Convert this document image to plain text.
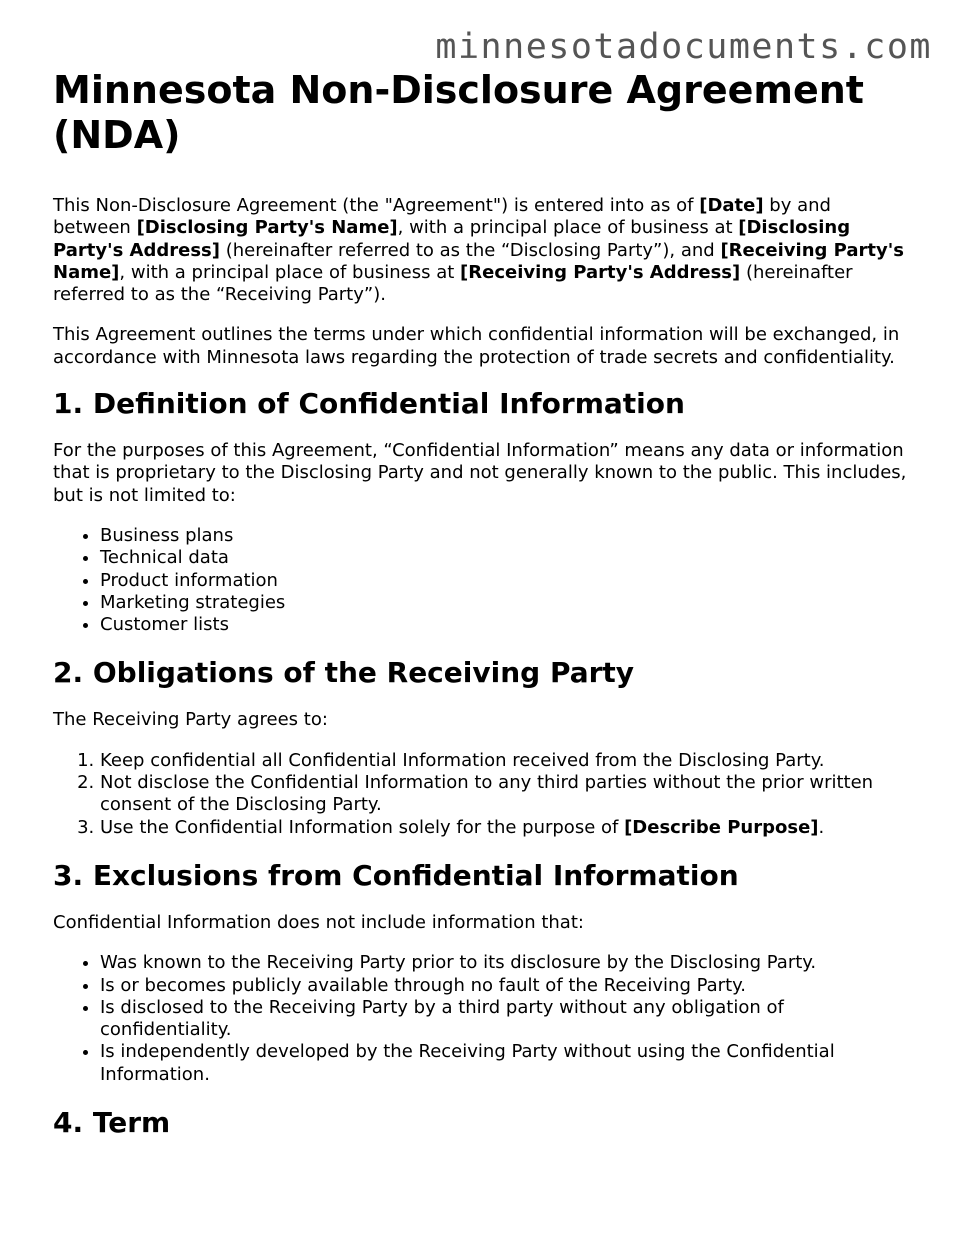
minnesotadocuments.com
Minnesota Non-Disclosure Agreement (NDA)

This Non-Disclosure Agreement (the "Agreement") is entered into as of [Date] by and between [Disclosing Party's Name], with a principal place of business at [Disclosing Party's Address] (hereinafter referred to as the “Disclosing Party”), and [Receiving Party's Name], with a principal place of business at [Receiving Party's Address] (hereinafter referred to as the “Receiving Party”).

This Agreement outlines the terms under which confidential information will be exchanged, in accordance with Minnesota laws regarding the protection of trade secrets and confidentiality.

1. Definition of Confidential Information

For the purposes of this Agreement, “Confidential Information” means any data or information that is proprietary to the Disclosing Party and not generally known to the public. This includes, but is not limited to:

• Business plans
• Technical data
• Product information
• Marketing strategies
• Customer lists
2. Obligations of the Receiving Party

The Receiving Party agrees to:

1. Keep confidential all Confidential Information received from the Disclosing Party.
2. Not disclose the Confidential Information to any third parties without the prior written consent of the Disclosing Party.
3. Use the Confidential Information solely for the purpose of [Describe Purpose].
3. Exclusions from Confidential Information

Confidential Information does not include information that:

• Was known to the Receiving Party prior to its disclosure by the Disclosing Party.
• Is or becomes publicly available through no fault of the Receiving Party.
• Is disclosed to the Receiving Party by a third party without any obligation of confidentiality.
• Is independently developed by the Receiving Party without using the Confidential Information.
4. Term
